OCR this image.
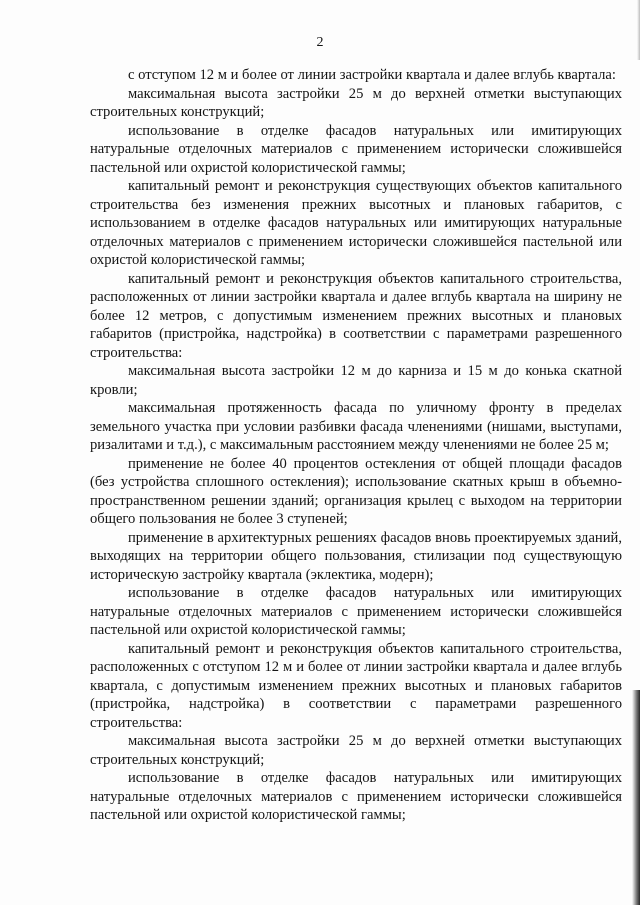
2

с отступом 12 м и более от линии застройки квартала и далее вглубь квартала:

максимальная высота застройки 25 м до верхней отметки выступающих строительных конструкций;

использование в отделке фасадов натуральных или имитирующих натуральные отделочных материалов с применением исторически сложившейся пастельной или охристой колористической гаммы;

капитальный ремонт и реконструкция существующих объектов капитального строительства без изменения прежних высотных и плановых габаритов, с использованием в отделке фасадов натуральных или имитирующих натуральные отделочных материалов с применением исторически сложившейся пастельной или охристой колористической гаммы;

капитальный ремонт и реконструкция объектов капитального строительства, расположенных от линии застройки квартала и далее вглубь квартала на ширину не более 12 метров, с допустимым изменением прежних высотных и плановых габаритов (пристройка, надстройка) в соответствии с параметрами разрешенного строительства:

максимальная высота застройки 12 м до карниза и 15 м до конька скатной кровли;

максимальная протяженность фасада по уличному фронту в пределах земельного участка при условии разбивки фасада членениями (нишами, выступами, ризалитами и т.д.), с максимальным расстоянием между членениями не более 25 м;

применение не более 40 процентов остекления от общей площади фасадов (без устройства сплошного остекления); использование скатных крыш в объемно-пространственном решении зданий; организация крылец с выходом на территории общего пользования не более 3 ступеней;

применение в архитектурных решениях фасадов вновь проектируемых зданий, выходящих на территории общего пользования, стилизации под существующую историческую застройку квартала (эклектика, модерн);

использование в отделке фасадов натуральных или имитирующих натуральные отделочных материалов с применением исторически сложившейся пастельной или охристой колористической гаммы;

капитальный ремонт и реконструкция объектов капитального строительства, расположенных с отступом 12 м и более от линии застройки квартала и далее вглубь квартала, с допустимым изменением прежних высотных и плановых габаритов (пристройка, надстройка) в соответствии с параметрами разрешенного строительства:

максимальная высота застройки 25 м до верхней отметки выступающих строительных конструкций;

использование в отделке фасадов натуральных или имитирующих натуральные отделочных материалов с применением исторически сложившейся пастельной или охристой колористической гаммы;
